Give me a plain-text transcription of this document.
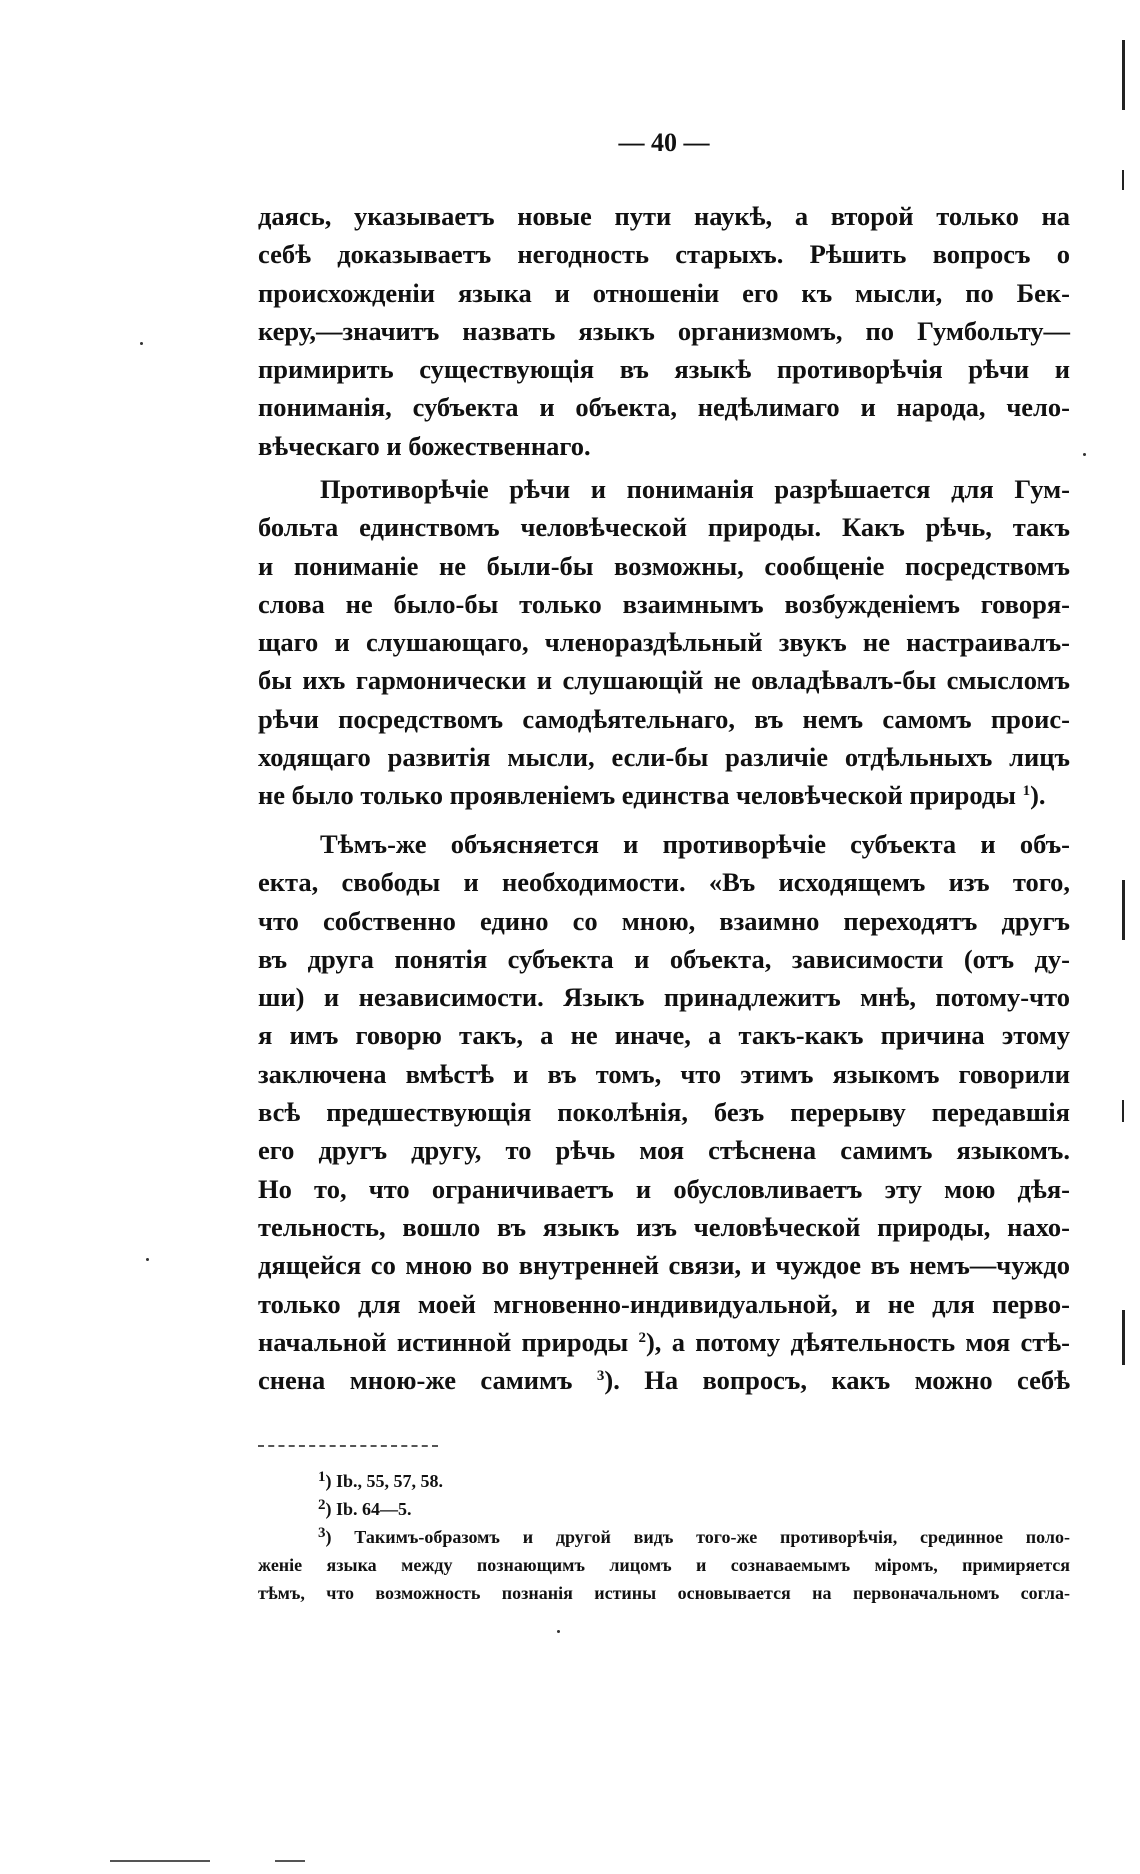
— 40 —
даясь, указываетъ новые пути наукѣ, а второй только на
себѣ доказываетъ негодность старыхъ. Рѣшить вопросъ о
происхожденіи языка и отношеніи его къ мысли, по Бек-
керу,—значитъ назвать языкъ организмомъ, по Гумбольту—
примирить существующія въ языкѣ противорѣчія рѣчи и
пониманія, субъекта и объекта, недѣлимаго и народа, чело-
вѣческаго и божественнаго.
Противорѣчіе рѣчи и пониманія разрѣшается для Гум-
больта единствомъ человѣческой природы. Какъ рѣчь, такъ
и пониманіе не были-бы возможны, сообщеніе посредствомъ
слова не было-бы только взаимнымъ возбужденіемъ говоря-
щаго и слушающаго, членораздѣльный звукъ не настраивалъ-
бы ихъ гармонически и слушающій не овладѣвалъ-бы смысломъ
рѣчи посредствомъ самодѣятельнаго, въ немъ самомъ проис-
ходящаго развитія мысли, если-бы различіе отдѣльныхъ лицъ
не было только проявленіемъ единства человѣческой природы $^1$).
Тѣмъ-же объясняется и противорѣчіе субъекта и объ-
екта, свободы и необходимости. «Въ исходящемъ изъ того,
что собственно едино со мною, взаимно переходятъ другъ
въ друга понятія субъекта и объекта, зависимости (отъ ду-
ши) и независимости. Языкъ принадлежитъ мнѣ, потому-что
я имъ говорю такъ, а не иначе, а такъ-какъ причина этому
заключена вмѣстѣ и въ томъ, что этимъ языкомъ говорили
всѣ предшествующія поколѣнія, безъ перерыву передавшія
его другъ другу, то рѣчь моя стѣснена самимъ языкомъ.
Но то, что ограничиваетъ и обусловливаетъ эту мою дѣя-
тельность, вошло въ языкъ изъ человѣческой природы, нахо-
дящейся со мною во внутренней связи, и чуждое въ немъ—чуждо
только для моей мгновенно-индивидуальной, и не для перво-
начальной истинной природы $^2$), а потому дѣятельность моя стѣ-
снена мною-же самимъ $^3$). На вопросъ, какъ можно себѣ
$^1$) Ib., 55, 57, 58.
$^2$) Ib. 64—5.
$^3$) Такимъ-образомъ и другой видъ того-же противорѣчія, срединное поло-
женіе языка между познающимъ лицомъ и сознаваемымъ міромъ, примиряется
тѣмъ, что возможность познанія истины основывается на первоначальномъ согла-
